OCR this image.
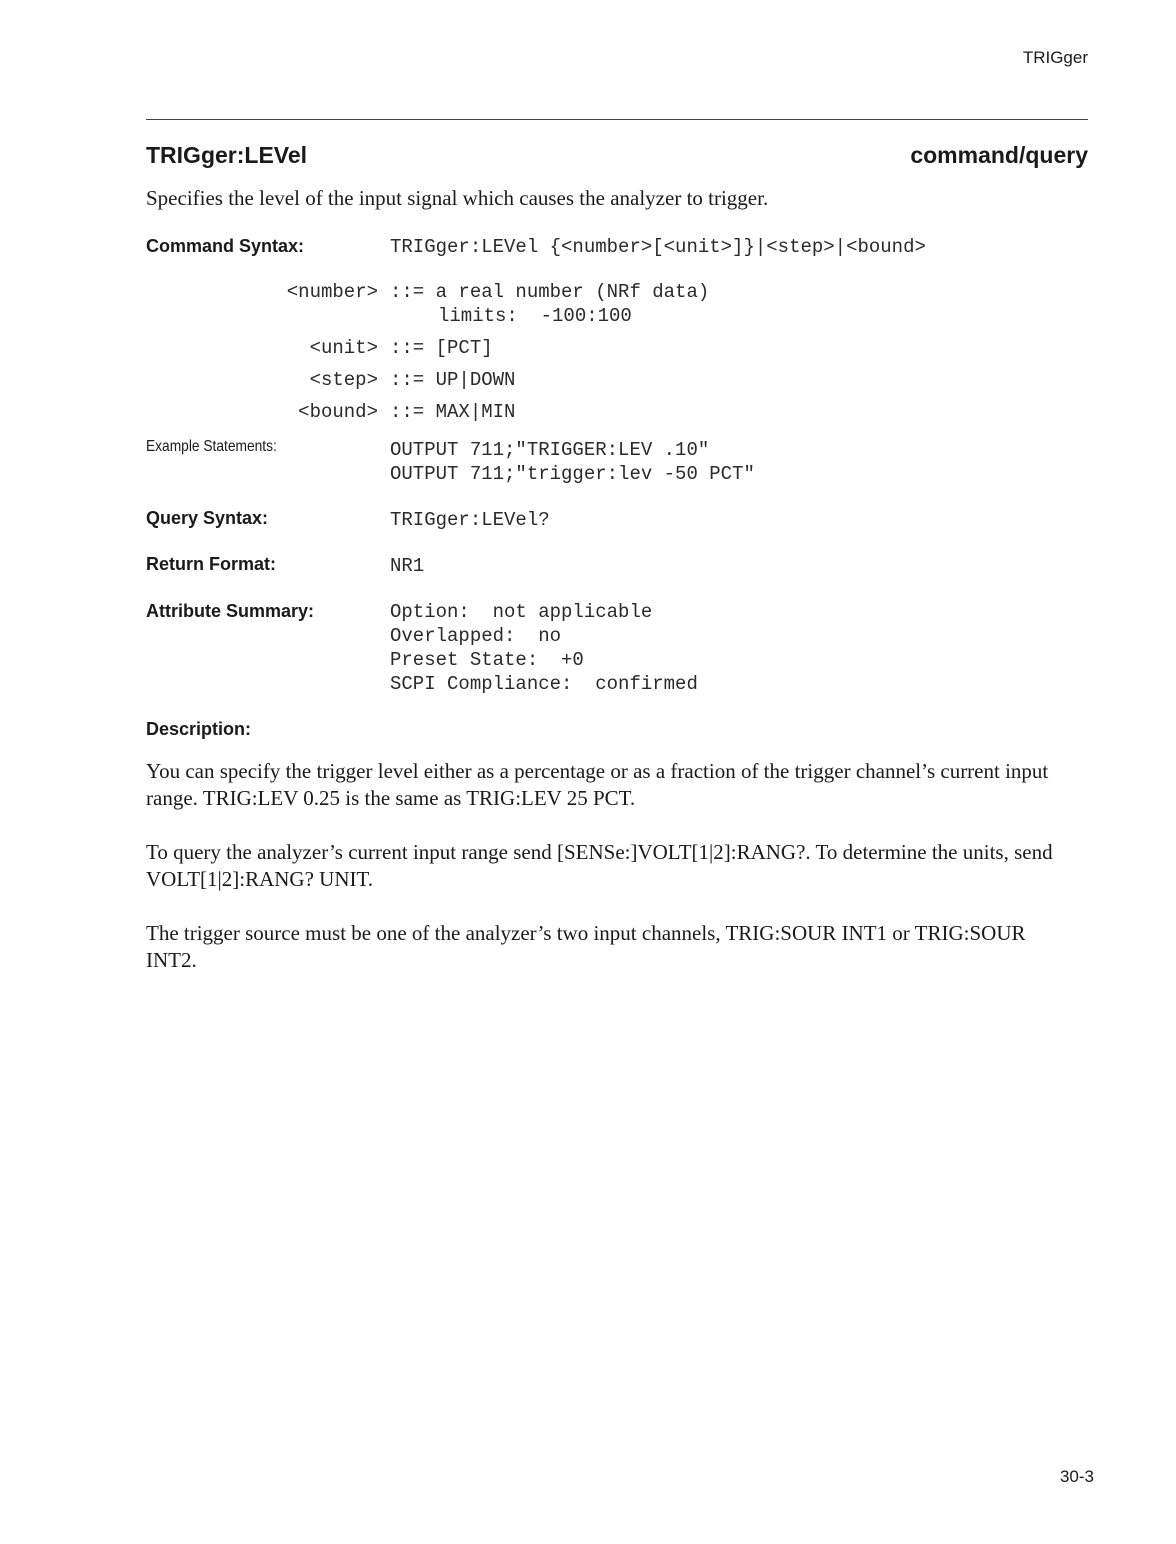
TRIGger
TRIGger:LEVel	command/query
Specifies the level of the input signal which causes the analyzer to trigger.
Command Syntax:	TRIGger:LEVel {<number>[<unit>]}|<step>|<bound>
<number> ::= a real number (NRf data)
limits:  -100:100
<unit> ::= [PCT]
<step> ::= UP|DOWN
<bound> ::= MAX|MIN
Example Statements:	OUTPUT 711;"TRIGGER:LEV .10"
OUTPUT 711;"trigger:lev -50 PCT"
Query Syntax:	TRIGger:LEVel?
Return Format:	NR1
Attribute Summary:	Option:  not applicable
Overlapped:  no
Preset State:  +0
SCPI Compliance:  confirmed
Description:

You can specify the trigger level either as a percentage or as a fraction of the trigger channel’s current input range. TRIG:LEV 0.25 is the same as TRIG:LEV 25 PCT.

To query the analyzer’s current input range send [SENSe:]VOLT[1|2]:RANG?. To determine the units, send VOLT[1|2]:RANG? UNIT.

The trigger source must be one of the analyzer’s two input channels, TRIG:SOUR INT1 or TRIG:SOUR INT2.

30-3
